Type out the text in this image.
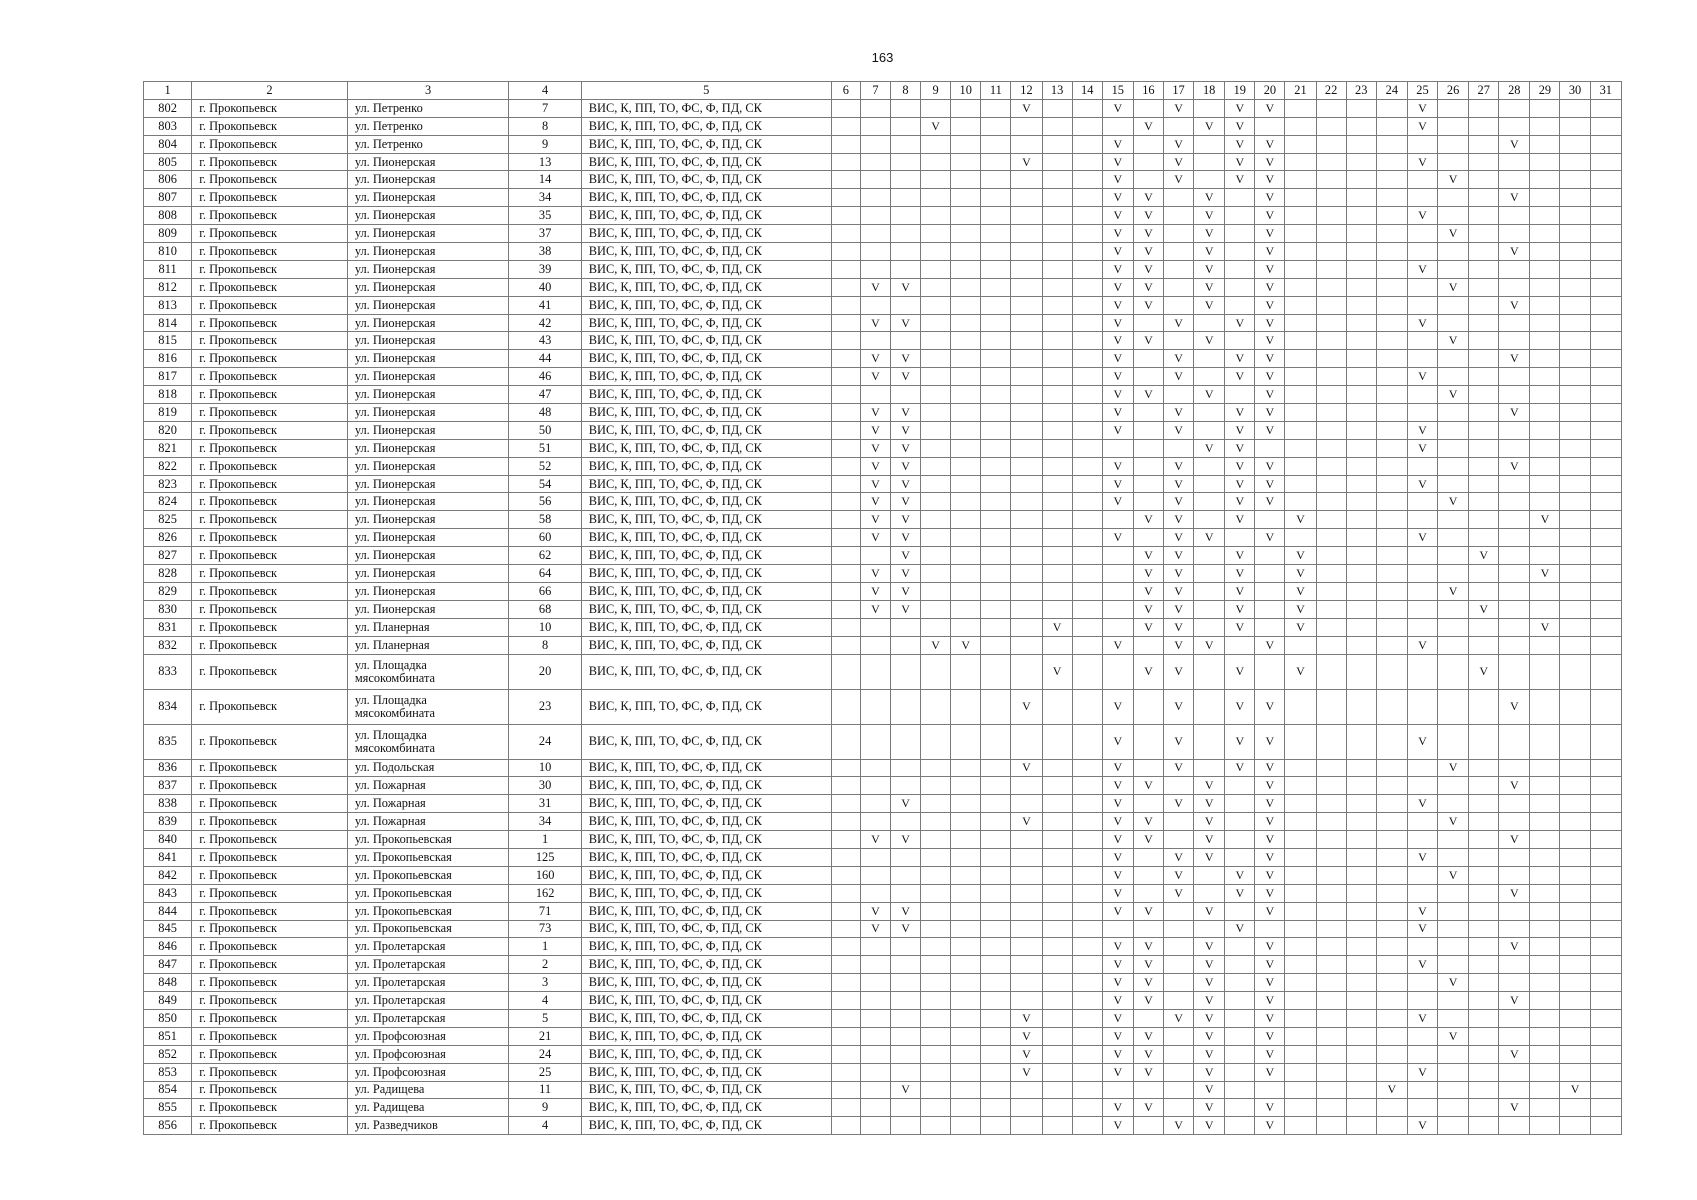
163
1	2	3	4	5	6	7	8	9	10	11	12	13	14	15	16	17	18	19	20	21	22	23	24	25	26	27	28	29	30	31
802	г. Прокопьевск	ул. Петренко	7	ВИС, К, ПП, ТО, ФС, Ф, ПД, СК							V			V		V		V	V					V						
803	г. Прокопьевск	ул. Петренко	8	ВИС, К, ПП, ТО, ФС, Ф, ПД, СК				V							V		V	V						V						
804	г. Прокопьевск	ул. Петренко	9	ВИС, К, ПП, ТО, ФС, Ф, ПД, СК										V		V		V	V								V			
805	г. Прокопьевск	ул. Пионерская	13	ВИС, К, ПП, ТО, ФС, Ф, ПД, СК							V			V		V		V	V					V						
806	г. Прокопьевск	ул. Пионерская	14	ВИС, К, ПП, ТО, ФС, Ф, ПД, СК										V		V		V	V						V					
807	г. Прокопьевск	ул. Пионерская	34	ВИС, К, ПП, ТО, ФС, Ф, ПД, СК										V	V		V		V								V			
808	г. Прокопьевск	ул. Пионерская	35	ВИС, К, ПП, ТО, ФС, Ф, ПД, СК										V	V		V		V					V						
809	г. Прокопьевск	ул. Пионерская	37	ВИС, К, ПП, ТО, ФС, Ф, ПД, СК										V	V		V		V						V					
810	г. Прокопьевск	ул. Пионерская	38	ВИС, К, ПП, ТО, ФС, Ф, ПД, СК										V	V		V		V								V			
811	г. Прокопьевск	ул. Пионерская	39	ВИС, К, ПП, ТО, ФС, Ф, ПД, СК										V	V		V		V					V						
812	г. Прокопьевск	ул. Пионерская	40	ВИС, К, ПП, ТО, ФС, Ф, ПД, СК		V	V							V	V		V		V						V					
813	г. Прокопьевск	ул. Пионерская	41	ВИС, К, ПП, ТО, ФС, Ф, ПД, СК										V	V		V		V								V			
814	г. Прокопьевск	ул. Пионерская	42	ВИС, К, ПП, ТО, ФС, Ф, ПД, СК		V	V							V		V		V	V					V						
815	г. Прокопьевск	ул. Пионерская	43	ВИС, К, ПП, ТО, ФС, Ф, ПД, СК										V	V		V		V						V					
816	г. Прокопьевск	ул. Пионерская	44	ВИС, К, ПП, ТО, ФС, Ф, ПД, СК		V	V							V		V		V	V								V			
817	г. Прокопьевск	ул. Пионерская	46	ВИС, К, ПП, ТО, ФС, Ф, ПД, СК		V	V							V		V		V	V					V						
818	г. Прокопьевск	ул. Пионерская	47	ВИС, К, ПП, ТО, ФС, Ф, ПД, СК										V	V		V		V						V					
819	г. Прокопьевск	ул. Пионерская	48	ВИС, К, ПП, ТО, ФС, Ф, ПД, СК		V	V							V		V		V	V								V			
820	г. Прокопьевск	ул. Пионерская	50	ВИС, К, ПП, ТО, ФС, Ф, ПД, СК		V	V							V		V		V	V					V						
821	г. Прокопьевск	ул. Пионерская	51	ВИС, К, ПП, ТО, ФС, Ф, ПД, СК		V	V										V	V						V						
822	г. Прокопьевск	ул. Пионерская	52	ВИС, К, ПП, ТО, ФС, Ф, ПД, СК		V	V							V		V		V	V								V			
823	г. Прокопьевск	ул. Пионерская	54	ВИС, К, ПП, ТО, ФС, Ф, ПД, СК		V	V							V		V		V	V					V						
824	г. Прокопьевск	ул. Пионерская	56	ВИС, К, ПП, ТО, ФС, Ф, ПД, СК		V	V							V		V		V	V						V					
825	г. Прокопьевск	ул. Пионерская	58	ВИС, К, ПП, ТО, ФС, Ф, ПД, СК		V	V								V	V		V		V								V		
826	г. Прокопьевск	ул. Пионерская	60	ВИС, К, ПП, ТО, ФС, Ф, ПД, СК		V	V							V		V	V		V					V						
827	г. Прокопьевск	ул. Пионерская	62	ВИС, К, ПП, ТО, ФС, Ф, ПД, СК			V								V	V		V		V						V				
828	г. Прокопьевск	ул. Пионерская	64	ВИС, К, ПП, ТО, ФС, Ф, ПД, СК		V	V								V	V		V		V								V		
829	г. Прокопьевск	ул. Пионерская	66	ВИС, К, ПП, ТО, ФС, Ф, ПД, СК		V	V								V	V		V		V					V					
830	г. Прокопьевск	ул. Пионерская	68	ВИС, К, ПП, ТО, ФС, Ф, ПД, СК		V	V								V	V		V		V						V				
831	г. Прокопьевск	ул. Планерная	10	ВИС, К, ПП, ТО, ФС, Ф, ПД, СК								V			V	V		V		V								V		
832	г. Прокопьевск	ул. Планерная	8	ВИС, К, ПП, ТО, ФС, Ф, ПД, СК				V	V					V		V	V		V					V						
833	г. Прокопьевск	ул. Площадка мясокомбината	20	ВИС, К, ПП, ТО, ФС, Ф, ПД, СК								V			V	V		V		V						V				
834	г. Прокопьевск	ул. Площадка мясокомбината	23	ВИС, К, ПП, ТО, ФС, Ф, ПД, СК							V			V		V		V	V								V			
835	г. Прокопьевск	ул. Площадка мясокомбината	24	ВИС, К, ПП, ТО, ФС, Ф, ПД, СК										V		V		V	V					V						
836	г. Прокопьевск	ул. Подольская	10	ВИС, К, ПП, ТО, ФС, Ф, ПД, СК							V			V		V		V	V						V					
837	г. Прокопьевск	ул. Пожарная	30	ВИС, К, ПП, ТО, ФС, Ф, ПД, СК										V	V		V		V								V			
838	г. Прокопьевск	ул. Пожарная	31	ВИС, К, ПП, ТО, ФС, Ф, ПД, СК			V							V		V	V		V					V						
839	г. Прокопьевск	ул. Пожарная	34	ВИС, К, ПП, ТО, ФС, Ф, ПД, СК							V			V	V		V		V						V					
840	г. Прокопьевск	ул. Прокопьевская	1	ВИС, К, ПП, ТО, ФС, Ф, ПД, СК		V	V							V	V		V		V								V			
841	г. Прокопьевск	ул. Прокопьевская	125	ВИС, К, ПП, ТО, ФС, Ф, ПД, СК										V		V	V		V					V						
842	г. Прокопьевск	ул. Прокопьевская	160	ВИС, К, ПП, ТО, ФС, Ф, ПД, СК										V		V		V	V						V					
843	г. Прокопьевск	ул. Прокопьевская	162	ВИС, К, ПП, ТО, ФС, Ф, ПД, СК										V		V		V	V								V			
844	г. Прокопьевск	ул. Прокопьевская	71	ВИС, К, ПП, ТО, ФС, Ф, ПД, СК		V	V							V	V		V		V					V						
845	г. Прокопьевск	ул. Прокопьевская	73	ВИС, К, ПП, ТО, ФС, Ф, ПД, СК		V	V											V						V						
846	г. Прокопьевск	ул. Пролетарская	1	ВИС, К, ПП, ТО, ФС, Ф, ПД, СК										V	V		V		V								V			
847	г. Прокопьевск	ул. Пролетарская	2	ВИС, К, ПП, ТО, ФС, Ф, ПД, СК										V	V		V		V					V						
848	г. Прокопьевск	ул. Пролетарская	3	ВИС, К, ПП, ТО, ФС, Ф, ПД, СК										V	V		V		V						V					
849	г. Прокопьевск	ул. Пролетарская	4	ВИС, К, ПП, ТО, ФС, Ф, ПД, СК										V	V		V		V								V			
850	г. Прокопьевск	ул. Пролетарская	5	ВИС, К, ПП, ТО, ФС, Ф, ПД, СК							V			V		V	V		V					V						
851	г. Прокопьевск	ул. Профсоюзная	21	ВИС, К, ПП, ТО, ФС, Ф, ПД, СК							V			V	V		V		V						V					
852	г. Прокопьевск	ул. Профсоюзная	24	ВИС, К, ПП, ТО, ФС, Ф, ПД, СК							V			V	V		V		V								V			
853	г. Прокопьевск	ул. Профсоюзная	25	ВИС, К, ПП, ТО, ФС, Ф, ПД, СК							V			V	V		V		V					V						
854	г. Прокопьевск	ул. Радищева	11	ВИС, К, ПП, ТО, ФС, Ф, ПД, СК			V										V						V						V	
855	г. Прокопьевск	ул. Радищева	9	ВИС, К, ПП, ТО, ФС, Ф, ПД, СК										V	V		V		V								V			
856	г. Прокопьевск	ул. Разведчиков	4	ВИС, К, ПП, ТО, ФС, Ф, ПД, СК										V		V	V		V					V						
